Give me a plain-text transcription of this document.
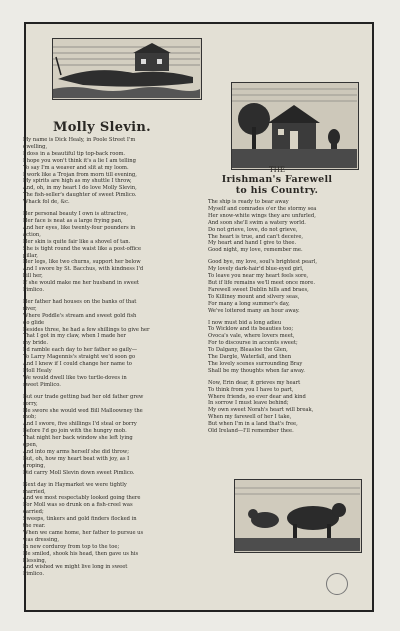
Molly Slevin.

My name is Dick Healy, in Poole Street I'm
dwelling,
I doss in a beautiful tip top-back room.
I hope you won't think it's a lie I am telling
To say I'm a weaver and slit at my loom.
I work like a Trojan from morn till evening,
My spirits are high as my shuttle I throw,
And, oh, in my heart I do love Molly Slevin,
The fish-seller's daughter of sweet Pimlico.
Whack fol de, &c.
Her personal beauty I own is attractive,
Her face is neat as a large frying pan,
And her eyes, like twenty-four pounders in
action,
Her skin is quite fair like a shovel of tan.
She is tight round the waist like a post-office
pillar,
Her legs, like two churns, support her below
And I swore by St. Bacchus, with kindness I'd
kill her,
If she would make me her husband in sweet
Pimlico.
Her father had houses on the banks of that
river,
Where Poddle's stream and sweet gold fish
do glide
Besides three, he had a few shillings to give her
That I got in my claw, when I made her
my bride.
I'd ramble each day to her father so gaily—
To Larry Magennis's straight we'd soon go
And I knew if I could change her name to
Moll Healy
We would dwell like two turtle-doves in
sweet Pimlico.
But our trade getting bad her old father grew
sorry,
He swore she would wed Bill Malloowney the
mob;
And I swore, five shillings I'd steal or borry
Before I'd go join with the hungry mob.
That night her back window she left lying
open,
And into my arms herself she did throw;
But, oh, how my heart beat with joy, as I
groping,
Did carry Moll Slevin down sweet Pimlico.
Next day in Haymarket we were tightly
married,
And we most respectably looked going there
For Moll was so drunk on a fish-creel was
carried;
Sweeps, tinkers and gold finders flocked in
the rear.
When we came home, her father to pursue us
was dressing,
In new corduroy from top to the toe;
He smiled, shook his head, then gave us his
blessing,
And wished we might live long in sweet
Pimlico.

THE

Irishman's Farewell
to his Country.

The ship is ready to bear away
Myself and comrades o'er the stormy sea
Her snow-white wings they are unfurled,
And soon she'll swim a watery world.
Do not grieve, love, do not grieve,
The heart is true, and can't deceive,
My heart and hand I give to thee.
Good night, my love, remember me.
Good bye, my love, soul's brightest pearl,
My lovely dark-hair'd blue-eyed girl,
To leave you near my heart feels sore,
But if life remains we'll meet once more.
Farewell sweet Dublin hills and braes,
To Killiney mount and silvery seas,
For many a long summer's day,
We've loitered many an hour away.
I now must bid a long adieu
To Wicklow and its beauties too;
Ovoca's vale, where lovers meet,
For to discourse in accents sweet;
To Dalgany, Bleasloe the Glen,
The Dargle, Waterfall, and then
The lovely scenes surrounding Bray
Shall be my thoughts when far away.
Now, Erin dear, it grieves my heart
To think from you I have to part,
Where friends, so ever dear and kind
In sorrow I must leave behind;
My own sweet Norah's heart will break,
When my farewell of her I take,
But when I'm in a land that's free,
Old Ireland—I'll remember thee.
